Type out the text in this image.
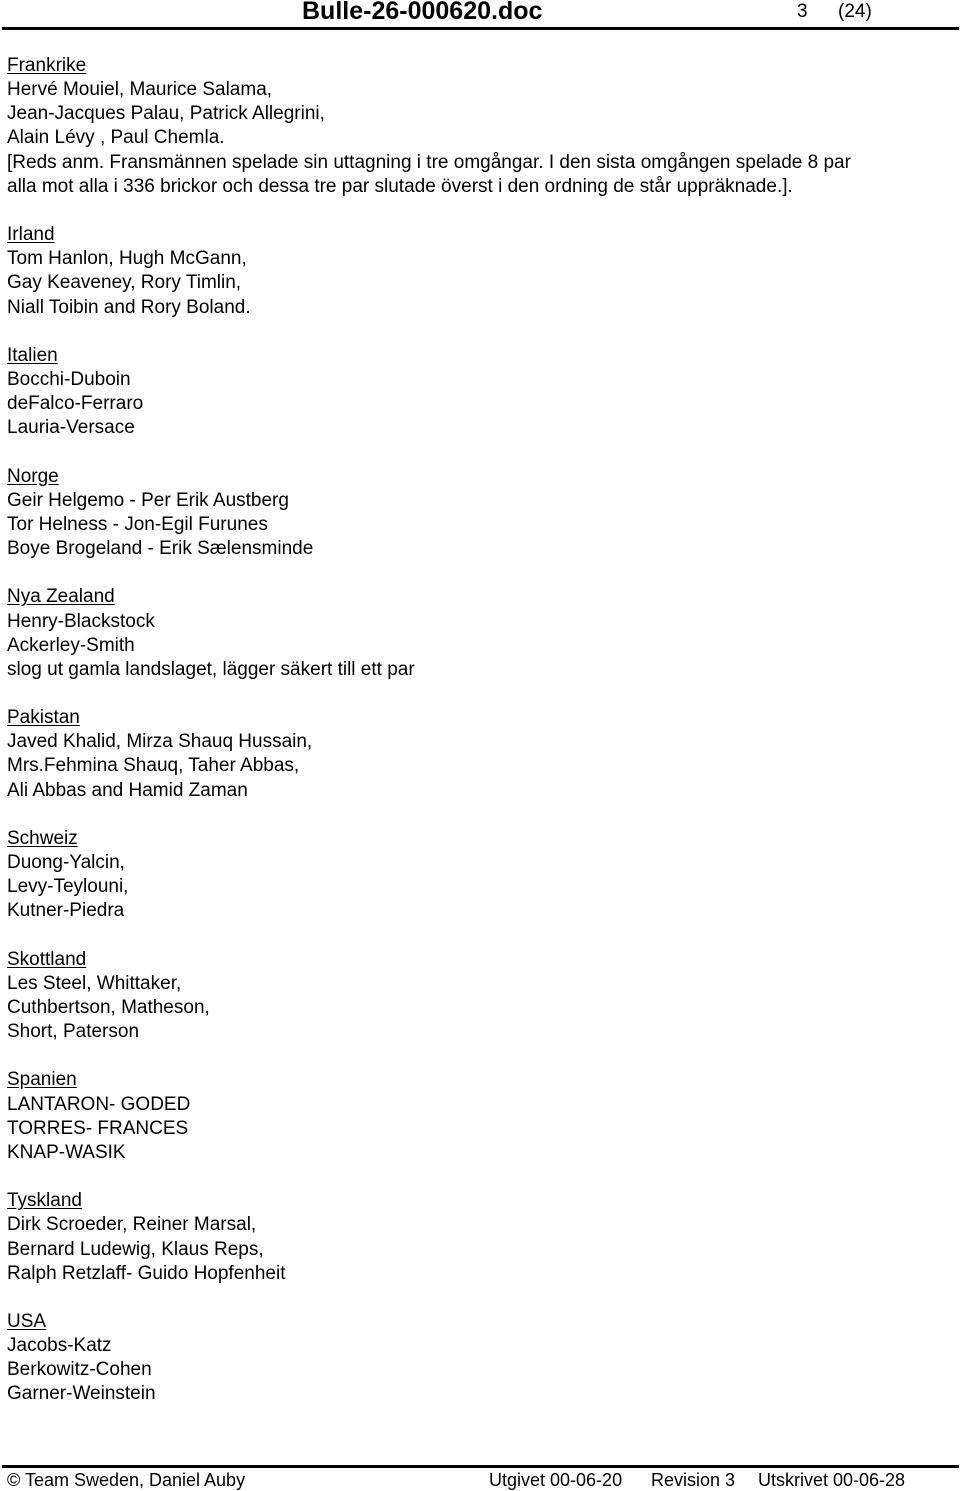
Bulle-26-000620.doc	3 (24)
Frankrike
Hervé Mouiel, Maurice Salama,
Jean-Jacques Palau, Patrick Allegrini,
Alain Lévy , Paul Chemla.
[Reds anm. Fransmännen spelade sin uttagning i tre omgångar. I den sista omgången spelade 8 par
alla mot alla i 336 brickor och dessa tre par slutade överst i den ordning de står uppräknade.].
Irland
Tom Hanlon, Hugh McGann,
Gay Keaveney, Rory Timlin,
Niall Toibin and Rory Boland.
Italien
Bocchi-Duboin
deFalco-Ferraro
Lauria-Versace
Norge
Geir Helgemo - Per Erik Austberg
Tor Helness - Jon-Egil Furunes
Boye Brogeland - Erik Sælensminde
Nya Zealand
Henry-Blackstock
Ackerley-Smith
slog ut gamla landslaget, lägger säkert till ett par
Pakistan
Javed Khalid, Mirza Shauq Hussain,
Mrs.Fehmina Shauq, Taher Abbas,
Ali Abbas and Hamid Zaman
Schweiz
Duong-Yalcin,
Levy-Teylouni,
Kutner-Piedra
Skottland
Les Steel, Whittaker,
Cuthbertson, Matheson,
Short, Paterson
Spanien
LANTARON- GODED
TORRES- FRANCES
KNAP-WASIK
Tyskland
Dirk Scroeder, Reiner Marsal,
Bernard Ludewig, Klaus Reps,
Ralph Retzlaff- Guido Hopfenheit
USA
Jacobs-Katz
Berkowitz-Cohen
Garner-Weinstein
© Team Sweden, Daniel Auby	Utgivet 00-06-20 Revision 3 Utskrivet 00-06-28
